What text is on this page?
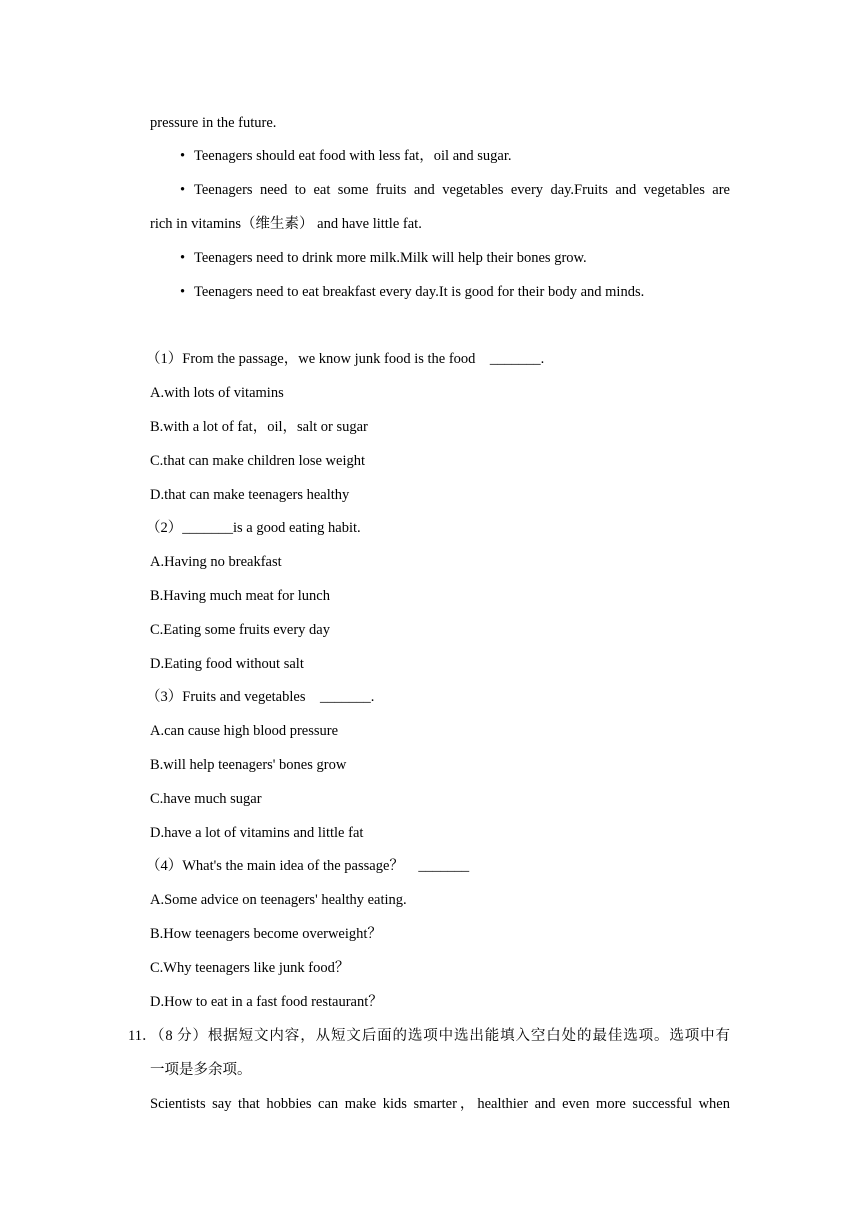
pressure in the future.
• Teenagers should eat food with less fat，oil and sugar.
• Teenagers need to eat some fruits and vegetables every day.Fruits and vegetables are
rich in vitamins（维生素） and have little fat.
• Teenagers need to drink more milk.Milk will help their bones grow.
• Teenagers need to eat breakfast every day.It is good for their body and minds.
（1）From the passage，we know junk food is the food　_______.
A.with lots of vitamins
B.with a lot of fat，oil，salt or sugar
C.that can make children lose weight
D.that can make teenagers healthy
（2）_______is a good eating habit.
A.Having no breakfast
B.Having much meat for lunch
C.Eating some fruits every day
D.Eating food without salt
（3）Fruits and vegetables　_______.
A.can cause high blood pressure
B.will help teenagers' bones grow
C.have much sugar
D.have a lot of vitamins and little fat
（4）What's the main idea of the passage？　_______
A.Some advice on teenagers' healthy eating.
B.How teenagers become overweight？
C.Why teenagers like junk food？
D.How to eat in a fast food restaurant？
11．
（8 分）根据短文内容，从短文后面的选项中选出能填入空白处的最佳选项。选项中有
一项是多余项。
Scientists say that hobbies can make kids smarter，healthier and even more successful when
